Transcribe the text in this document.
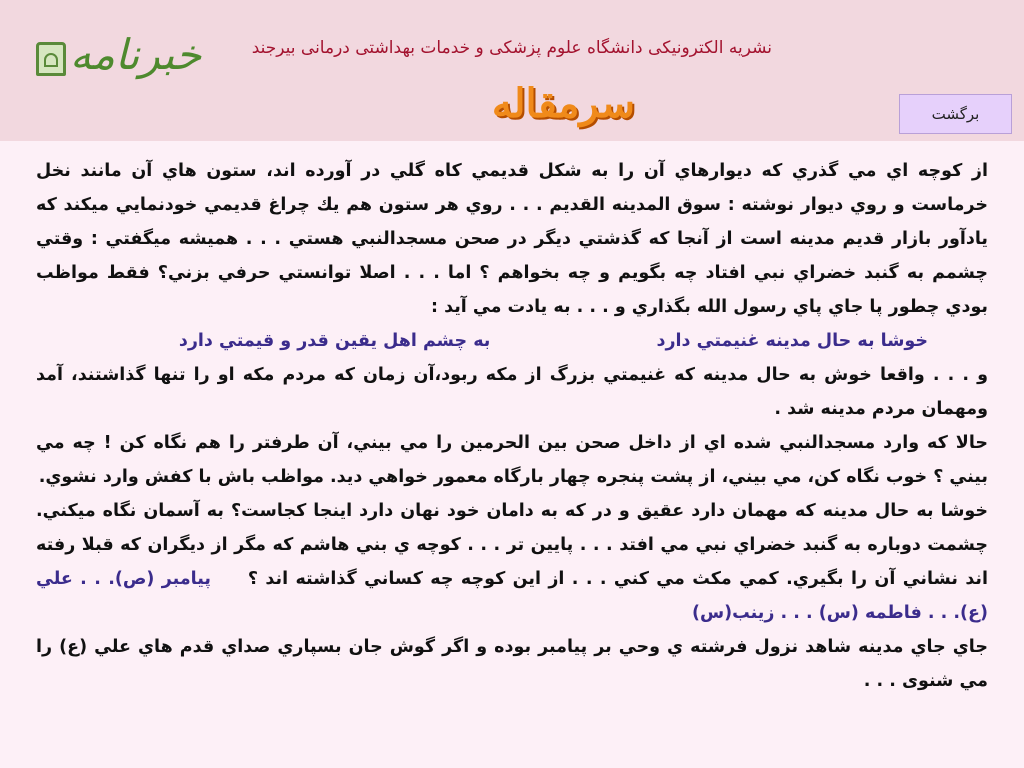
خبرنامه	نشريه الكترونيكی دانشگاه علوم پزشكی و خدمات بهداشتی درمانی بيرجند
سرمقاله	برگشت

از كوچه اي مي گذري كه ديوارهاي آن را به شكل قديمي كاه گلي در آورده اند، ستون هاي آن مانند نخل خرماست و روي ديوار نوشته : سوق المدينه القديم . . . روي هر ستون هم يك چراغ قديمي خودنمايي ميكند كه يادآور بازار قديم مدينه است از آنجا كه گذشتي ديگر در صحن مسجدالنبي هستي . . . هميشه ميگفتي : وقتي چشمم به گنبد خضراي نبي افتاد چه بگويم و چه بخواهم ؟ اما . . . اصلا توانستي حرفي بزني؟ فقط مواظب بودي چطور پا جاي پاي رسول الله بگذاري و . . . به يادت مي آيد :

خوشا به حال مدينه غنيمتي دارد به چشم اهل يقين قدر و قيمتي دارد

و . . . واقعا خوش به حال مدينه كه غنيمتي بزرگ از مكه ربود،آن زمان كه مردم مكه او را تنها گذاشتند، آمد ومهمان مردم مدينه شد .

حالا كه وارد مسجدالنبي شده اي از داخل صحن بين الحرمين را مي بيني، آن طرفتر را هم نگاه كن ! چه مي بيني ؟ خوب نگاه كن، مي بيني، از پشت پنجره چهار بارگاه معمور خواهي ديد. مواظب باش با كفش وارد نشوي.

خوشا به حال مدينه كه مهمان دارد عقيق و در كه به دامان خود نهان دارد اينجا كجاست؟ به آسمان نگاه ميكني. چشمت دوباره به گنبد خضراي نبي مي افتد . . . پايين تر . . . كوچه ي بني هاشم كه مگر از ديگران كه قبلا رفته اند نشاني آن را بگيري. كمي مكث مي كني . . . از اين كوچه چه كساني گذاشته اند ؟     پيامبر (ص). . . علي (ع). . . فاطمه (س) . . . زينب(س)

جاي جاي مدينه شاهد نزول فرشته ي وحي بر پيامبر بوده و اگر گوش جان بسپاري صداي قدم هاي علي (ع) را مي شنوی . . .
